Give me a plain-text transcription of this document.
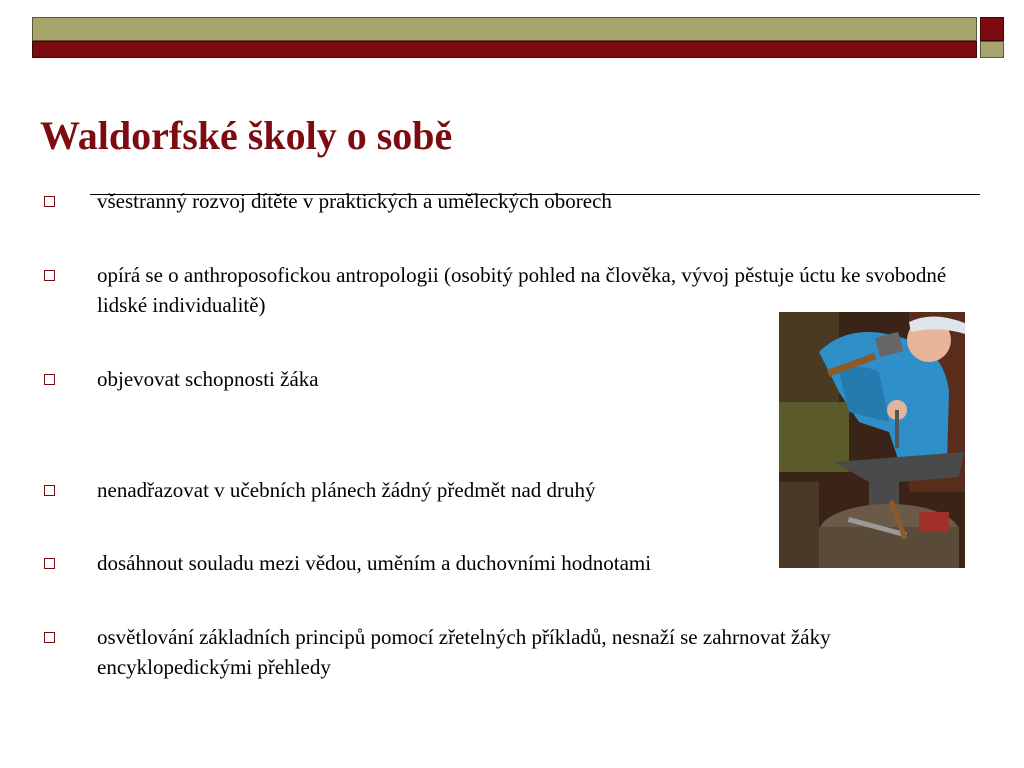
Waldorfské školy o sobě
všestranný rozvoj dítěte v praktických a uměleckých oborech
opírá se o anthroposofickou antropologii (osobitý pohled na člověka, vývoj pěstuje úctu ke svobodné lidské individualitě)
objevovat schopnosti žáka
nenadřazovat v učebních plánech žádný předmět nad druhý
dosáhnout souladu mezi vědou, uměním a duchovními hodnotami
osvětlování základních principů pomocí zřetelných příkladů, nesnaží se zahrnovat žáky encyklopedickými přehledy
